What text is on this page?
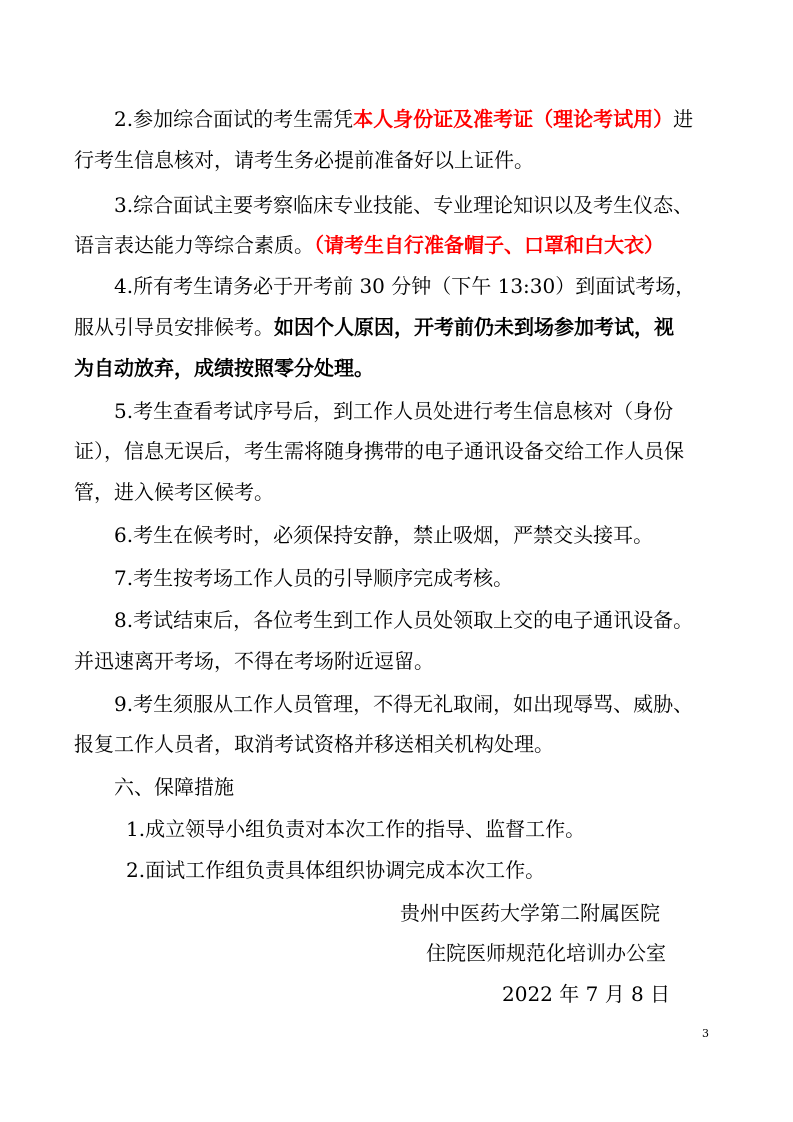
2.参加综合面试的考生需凭本人身份证及准考证（理论考试用）进
行考生信息核对，请考生务必提前准备好以上证件。
3.综合面试主要考察临床专业技能、专业理论知识以及考生仪态、
语言表达能力等综合素质。（请考生自行准备帽子、口罩和白大衣）
4.所有考生请务必于开考前 30 分钟（下午 13:30）到面试考场，
服从引导员安排候考。如因个人原因，开考前仍未到场参加考试，视
为自动放弃，成绩按照零分处理。
5.考生查看考试序号后，到工作人员处进行考生信息核对（身份
证），信息无误后，考生需将随身携带的电子通讯设备交给工作人员保
管，进入候考区候考。
6.考生在候考时，必须保持安静，禁止吸烟，严禁交头接耳。
7.考生按考场工作人员的引导顺序完成考核。
8.考试结束后，各位考生到工作人员处领取上交的电子通讯设备。
并迅速离开考场，不得在考场附近逗留。
9.考生须服从工作人员管理，不得无礼取闹，如出现辱骂、威胁、
报复工作人员者，取消考试资格并移送相关机构处理。
六、保障措施
1.成立领导小组负责对本次工作的指导、监督工作。
2.面试工作组负责具体组织协调完成本次工作。
贵州中医药大学第二附属医院
住院医师规范化培训办公室
2022 年 7 月 8 日
3
